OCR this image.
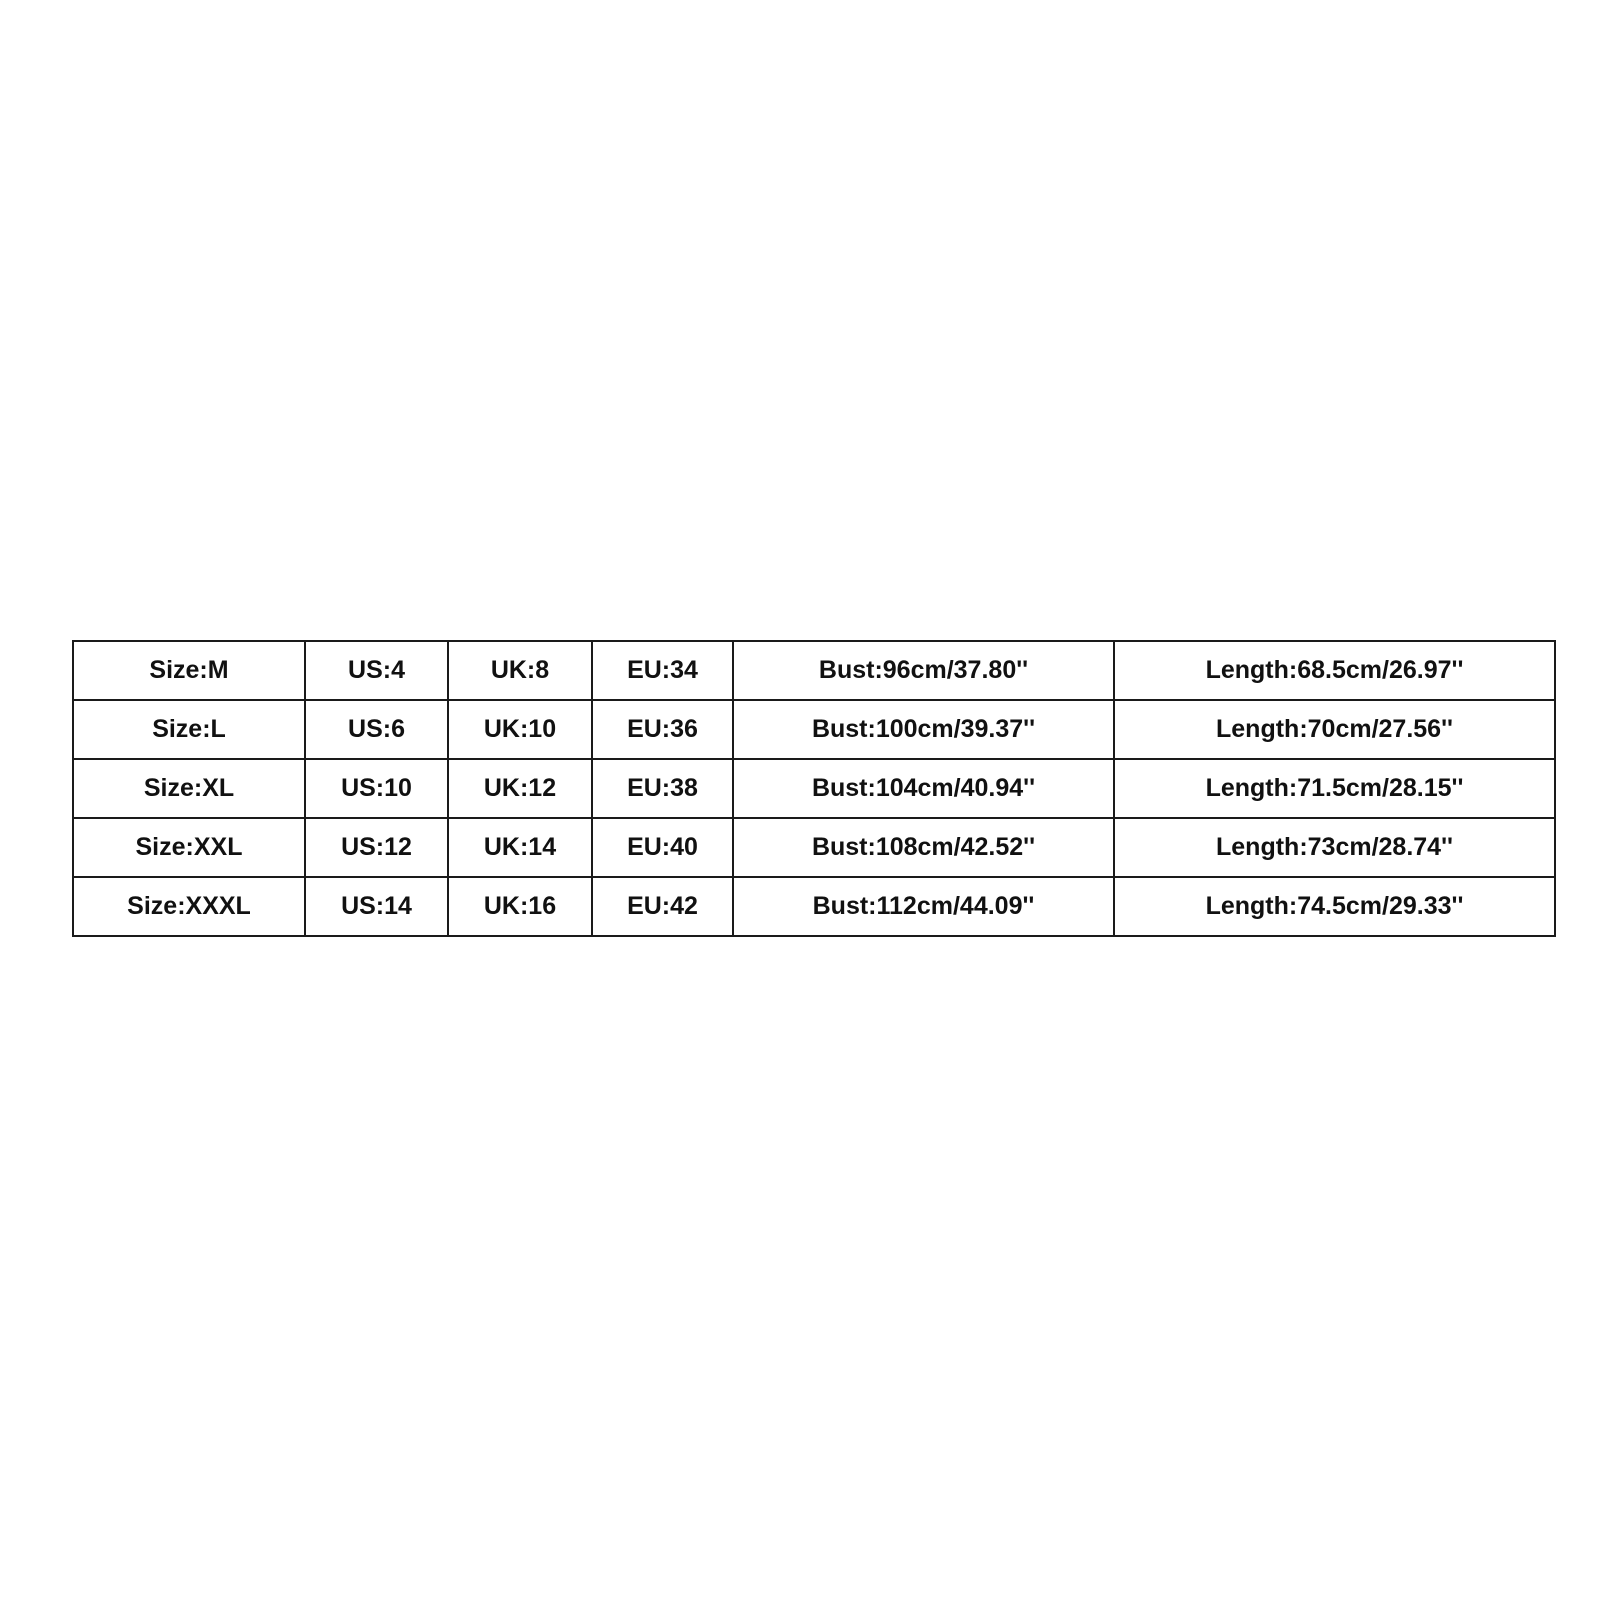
Size:M	US:4	UK:8	EU:34	Bust:96cm/37.80''	Length:68.5cm/26.97''
Size:L	US:6	UK:10	EU:36	Bust:100cm/39.37''	Length:70cm/27.56''
Size:XL	US:10	UK:12	EU:38	Bust:104cm/40.94''	Length:71.5cm/28.15''
Size:XXL	US:12	UK:14	EU:40	Bust:108cm/42.52''	Length:73cm/28.74''
Size:XXXL	US:14	UK:16	EU:42	Bust:112cm/44.09''	Length:74.5cm/29.33''
